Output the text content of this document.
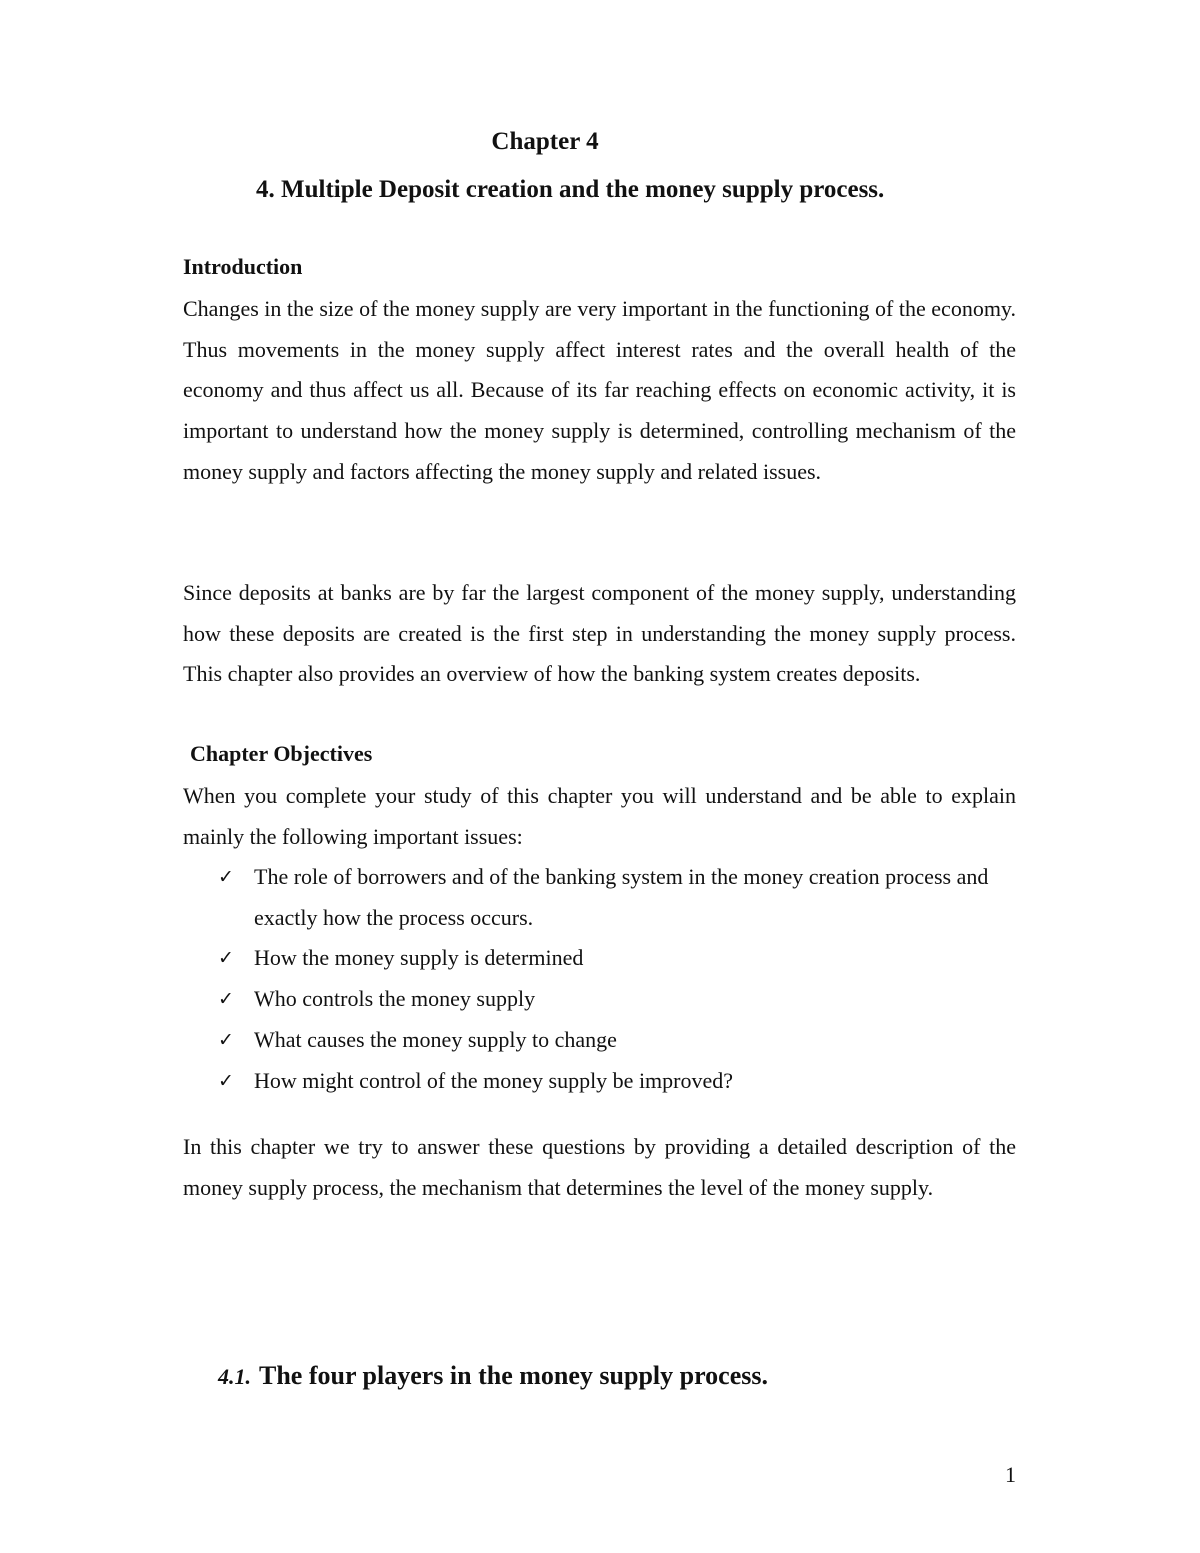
Chapter 4
4. Multiple Deposit creation and the money supply process.
Introduction
Changes in the size of the money supply are very important in the functioning of the economy. Thus movements in the money supply affect interest rates and the overall health of the economy and thus affect us all. Because of its far reaching effects on economic activity, it is important to understand how the money supply is determined, controlling mechanism of the money supply and factors affecting the money supply and related issues.
Since deposits at banks are by far the largest component of the money supply, understanding how these deposits are created is the first step in understanding the money supply process. This chapter also provides an overview of how the banking system creates deposits.
Chapter Objectives
When you complete your study of this chapter you will understand and be able to explain mainly the following important issues:
✓ The role of borrowers and of the banking system in the money creation process and exactly how the process occurs.
✓ How the money supply is determined
✓ Who controls the money supply
✓ What causes the money supply to change
✓ How might control of the money supply be improved?
In this chapter we try to answer these questions by providing a detailed description of the money supply process, the mechanism that determines the level of the money supply.
4.1. The four players in the money supply process.
1
